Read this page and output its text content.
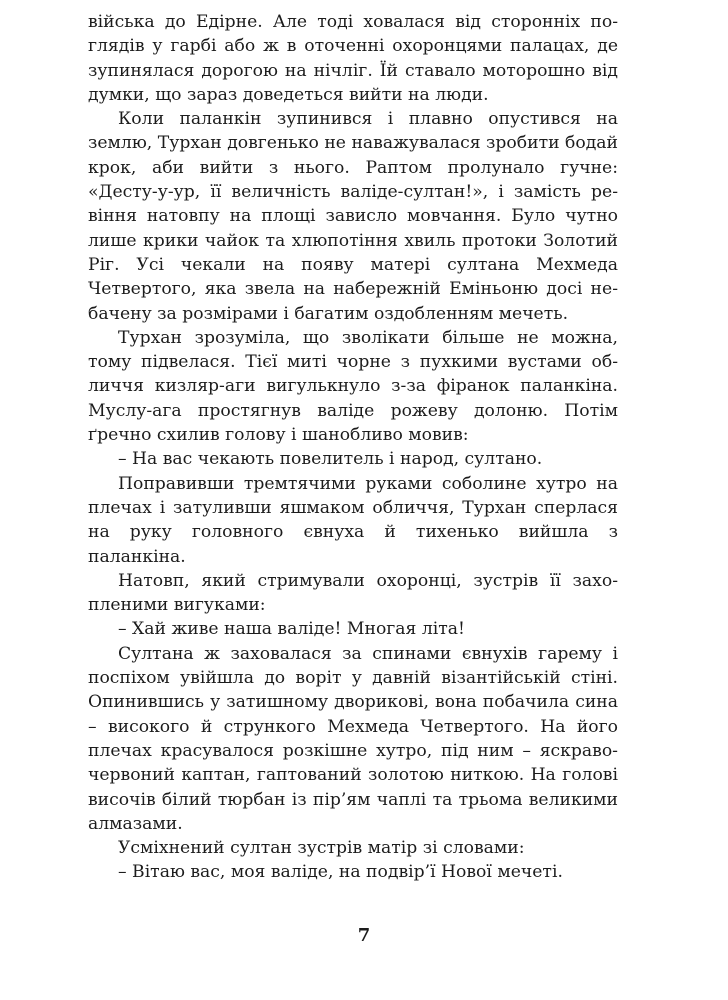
війська до Едірне. Але тоді ховалася від сторонніх поглядів у гарбі або ж в оточенні охоронцями палацах, де зупинялася дорогою на нічліг. Їй ставало моторошно від думки, що зараз доведеться вийти на люди.

Коли паланкін зупинився і плавно опустився на землю, Турхан довгенько не наважувалася зробити бодай крок, аби вийти з нього. Раптом пролунало гучне: «Десту-у-ур, її величність валіде-султан!», і замість ревіння натовпу на площі зависло мовчання. Було чутно лише крики чайок та хлюпотіння хвиль протоки Золотий Ріг. Усі чекали на появу матері султана Мехмеда Четвертого, яка звела на набережній Еміньоню досі небачену за розмірами і багатим оздобленням мечеть.

Турхан зрозуміла, що зволікати більше не можна, тому підвелася. Тієї миті чорне з пухкими вустами обличчя кизляр-аги вигулькнуло з-за фіранок паланкіна. Муслу-ага простягнув валіде рожеву долоню. Потім ґречно схилив голову і шанобливо мовив:

– На вас чекають повелитель і народ, султано.

Поправивши тремтячими руками соболине хутро на плечах і затуливши яшмаком обличчя, Турхан сперлася на руку головного євнуха й тихенько вийшла з паланкіна.

Натовп, який стримували охоронці, зустрів її захопленими вигуками:

– Хай живе наша валіде! Многая літа!

Султана ж заховалася за спинами євнухів гарему і поспіхом увійшла до воріт у давній візантійській стіні. Опинившись у затишному дворикові, вона побачила сина – високого й стрункого Мехмеда Четвертого. На його плечах красувалося розкішне хутро, під ним – яскраво-червоний каптан, гаптований золотою ниткою. На голові височів білий тюрбан із пір’ям чаплі та трьома великими алмазами.

Усміхнений султан зустрів матір зі словами:

– Вітаю вас, моя валіде, на подвір’ї Нової мечеті.

7
